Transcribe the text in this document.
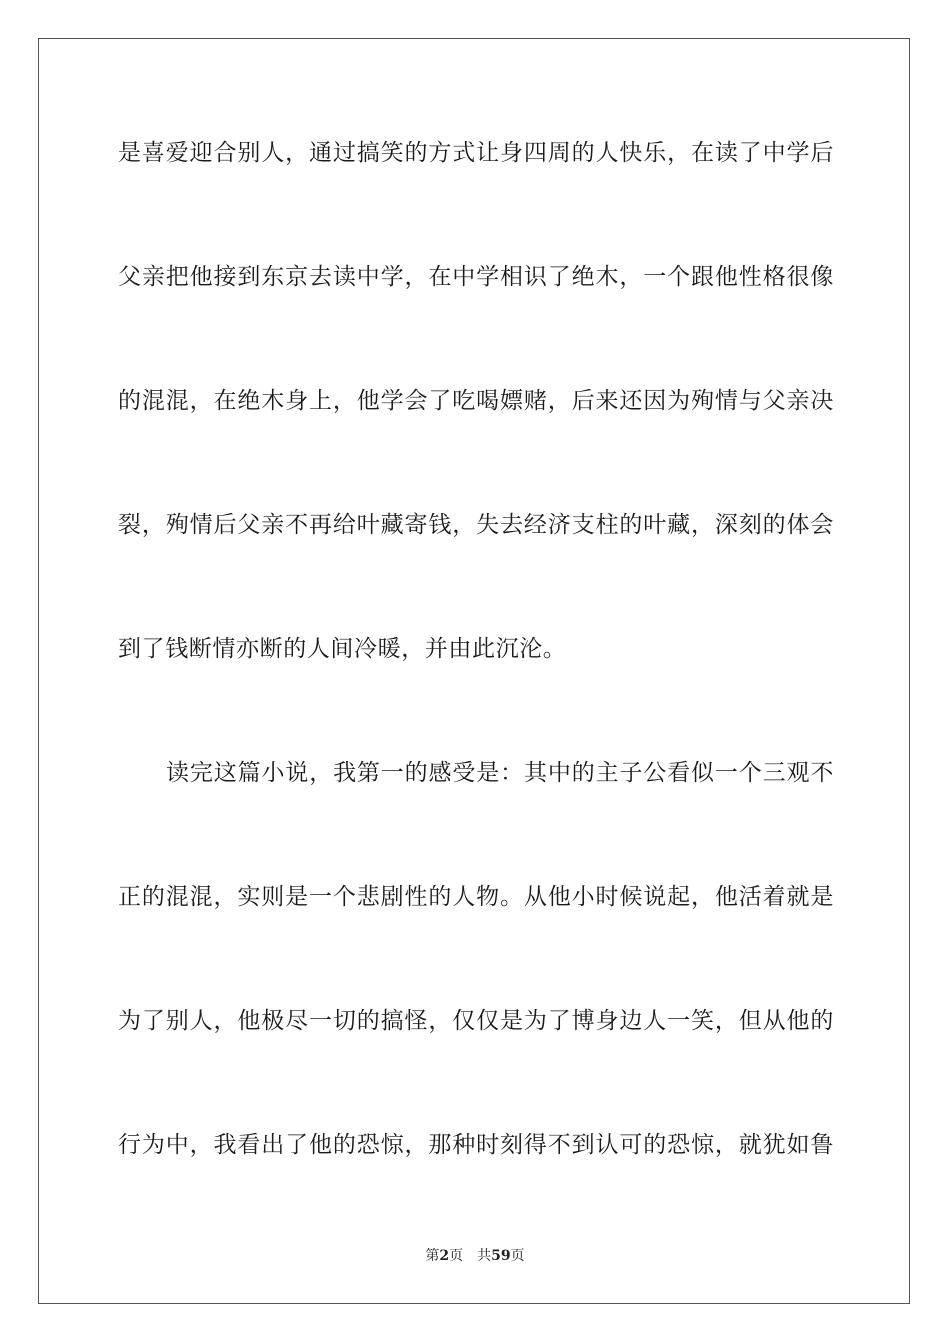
是喜爱迎合别人，通过搞笑的方式让身四周的人快乐，在读了中学后
父亲把他接到东京去读中学，在中学相识了绝木，一个跟他性格很像
的混混，在绝木身上，他学会了吃喝嫖赌，后来还因为殉情与父亲决
裂，殉情后父亲不再给叶藏寄钱，失去经济支柱的叶藏，深刻的体会
到了钱断情亦断的人间冷暖，并由此沉沦。
读完这篇小说，我第一的感受是：其中的主子公看似一个三观不
正的混混，实则是一个悲剧性的人物。从他小时候说起，他活着就是
为了别人，他极尽一切的搞怪，仅仅是为了博身边人一笑，但从他的
行为中，我看出了他的恐惊，那种时刻得不到认可的恐惊，就犹如鲁
第2页 共59页
